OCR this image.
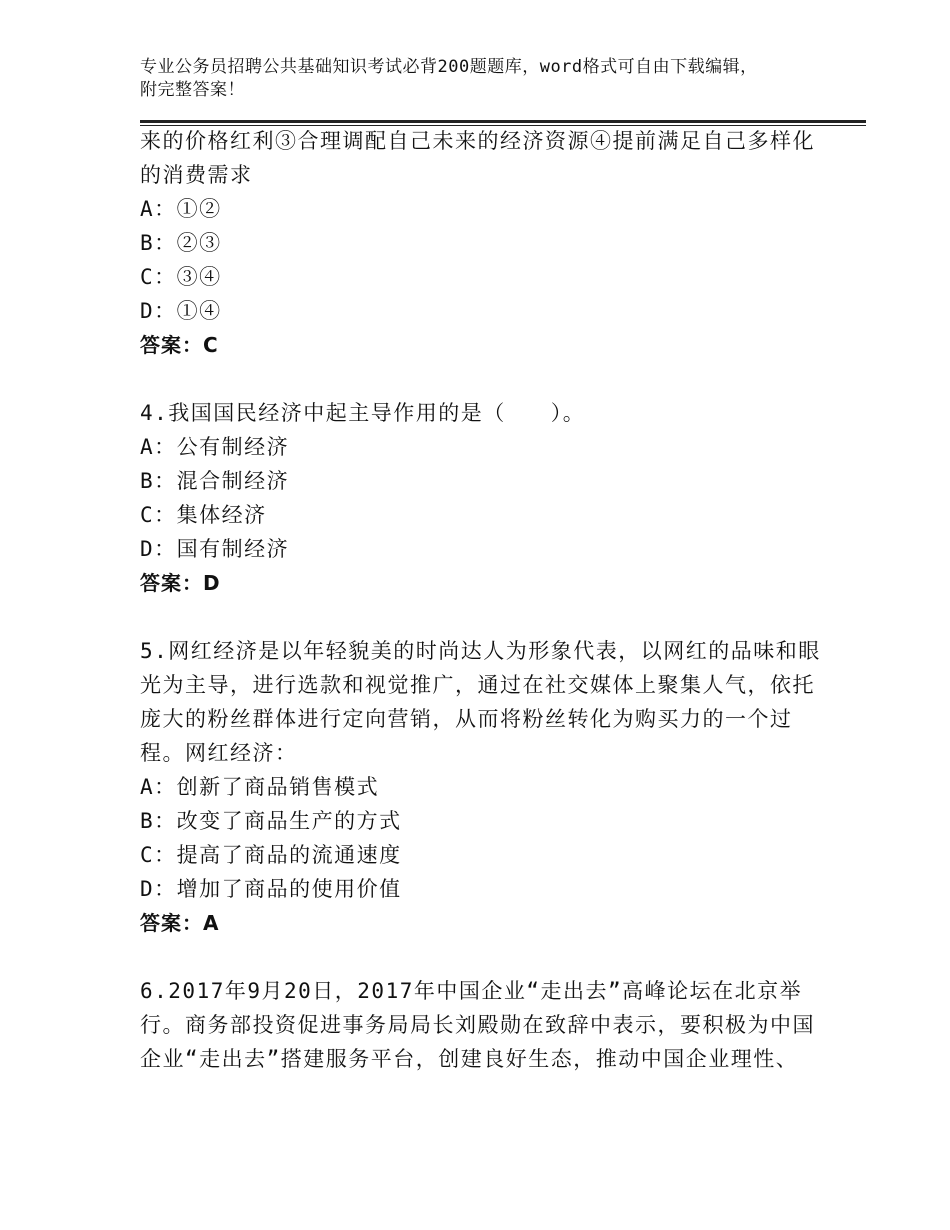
专业公务员招聘公共基础知识考试必背200题题库，word格式可自由下载编辑，
附完整答案！
来的价格红利③合理调配自己未来的经济资源④提前满足自己多样化
的消费需求
A：①②
B：②③
C：③④
D：①④
答案：C
4.我国国民经济中起主导作用的是（　　）。
A：公有制经济
B：混合制经济
C：集体经济
D：国有制经济
答案：D
5.网红经济是以年轻貌美的时尚达人为形象代表，以网红的品味和眼
光为主导，进行选款和视觉推广，通过在社交媒体上聚集人气，依托
庞大的粉丝群体进行定向营销，从而将粉丝转化为购买力的一个过
程。网红经济：
A：创新了商品销售模式
B：改变了商品生产的方式
C：提高了商品的流通速度
D：增加了商品的使用价值
答案：A
6.2017年9月20日，2017年中国企业“走出去”高峰论坛在北京举
行。商务部投资促进事务局局长刘殿勋在致辞中表示，要积极为中国
企业“走出去”搭建服务平台，创建良好生态，推动中国企业理性、
